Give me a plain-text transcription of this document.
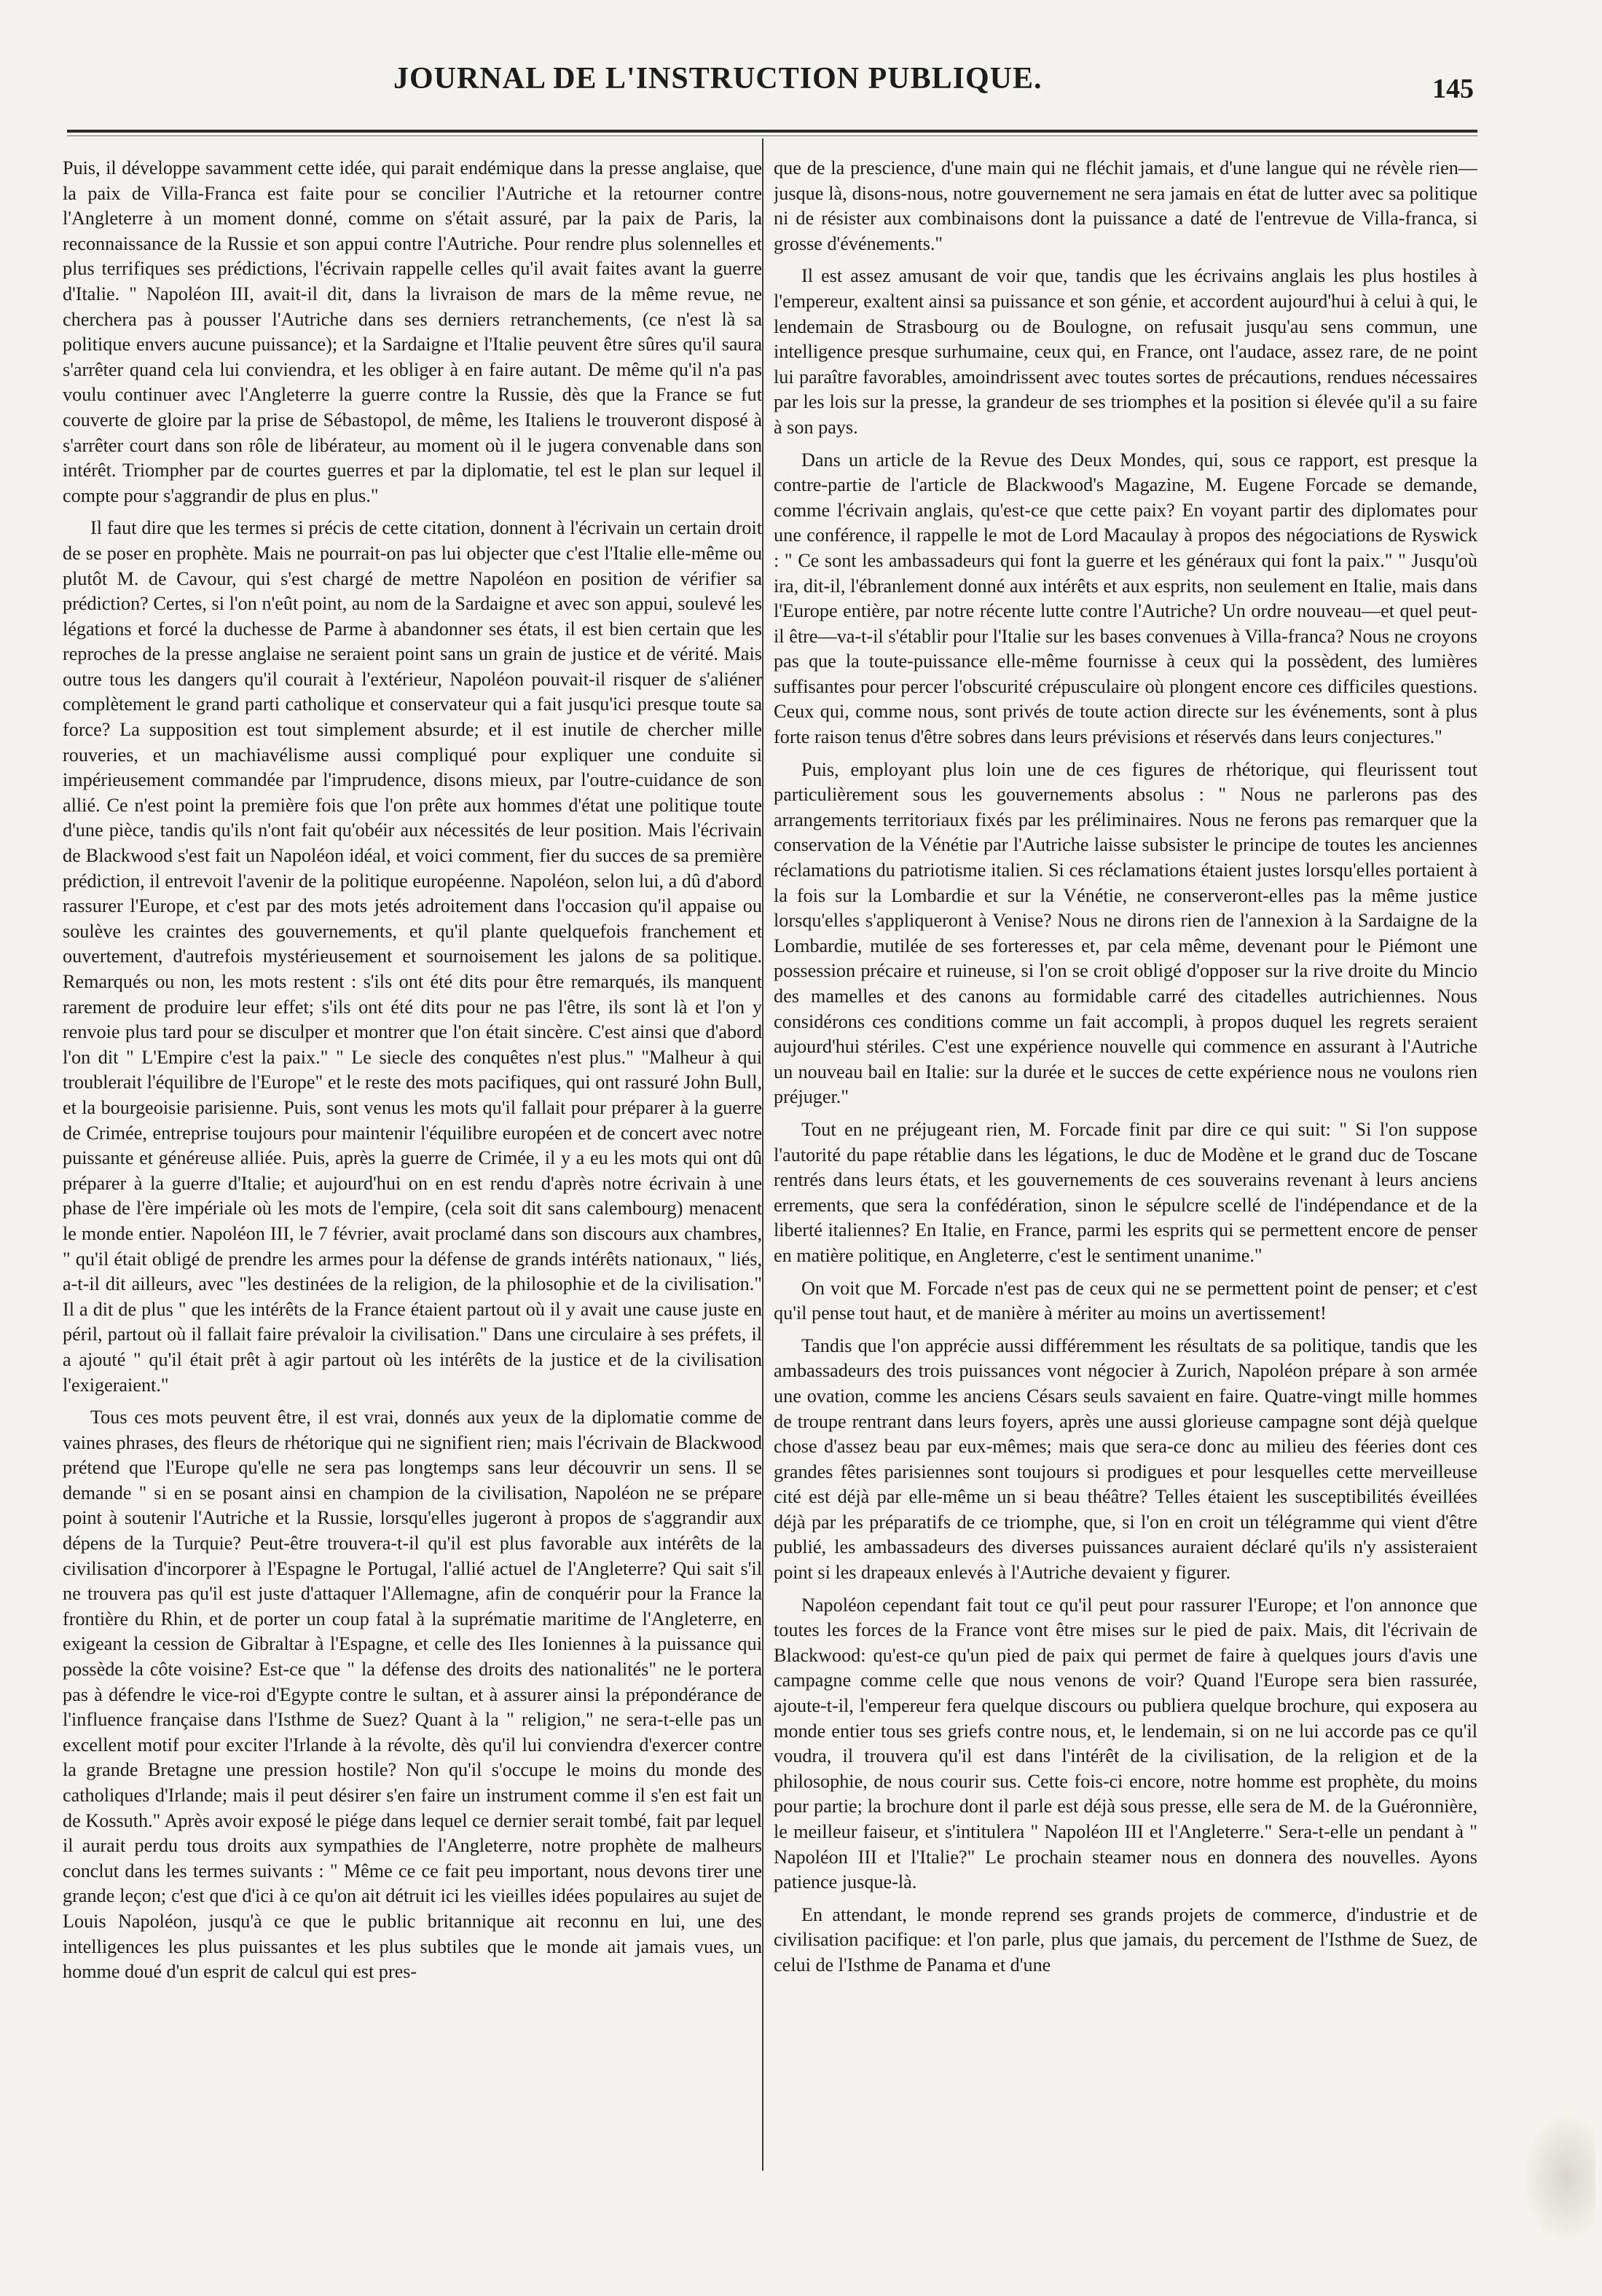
JOURNAL DE L'INSTRUCTION PUBLIQUE.	145

Puis, il développe savamment cette idée, qui parait endémique dans la presse anglaise, que la paix de Villa-Franca est faite pour se concilier l'Autriche et la retourner contre l'Angleterre à un moment donné, comme on s'était assuré, par la paix de Paris, la reconnaissance de la Russie et son appui contre l'Autriche. Pour rendre plus solennelles et plus terrifiques ses prédictions, l'écrivain rappelle celles qu'il avait faites avant la guerre d'Italie. " Napoléon III, avait-il dit, dans la livraison de mars de la même revue, ne cherchera pas à pousser l'Autriche dans ses derniers retranchements, (ce n'est là sa politique envers aucune puissance); et la Sardaigne et l'Italie peuvent être sûres qu'il saura s'arrêter quand cela lui conviendra, et les obliger à en faire autant. De même qu'il n'a pas voulu continuer avec l'Angleterre la guerre contre la Russie, dès que la France se fut couverte de gloire par la prise de Sébastopol, de même, les Italiens le trouveront disposé à s'arrêter court dans son rôle de libérateur, au moment où il le jugera convenable dans son intérêt. Triompher par de courtes guerres et par la diplomatie, tel est le plan sur lequel il compte pour s'aggrandir de plus en plus."

Il faut dire que les termes si précis de cette citation, donnent à l'écrivain un certain droit de se poser en prophète. Mais ne pourrait-on pas lui objecter que c'est l'Italie elle-même ou plutôt M. de Cavour, qui s'est chargé de mettre Napoléon en position de vérifier sa prédiction? Certes, si l'on n'eût point, au nom de la Sardaigne et avec son appui, soulevé les légations et forcé la duchesse de Parme à abandonner ses états, il est bien certain que les reproches de la presse anglaise ne seraient point sans un grain de justice et de vérité. Mais outre tous les dangers qu'il courait à l'extérieur, Napoléon pouvait-il risquer de s'aliéner complètement le grand parti catholique et conservateur qui a fait jusqu'ici presque toute sa force? La supposition est tout simplement absurde; et il est inutile de chercher mille rouveries, et un machiavélisme aussi compliqué pour expliquer une conduite si impérieusement commandée par l'imprudence, disons mieux, par l'outre-cuidance de son allié. Ce n'est point la première fois que l'on prête aux hommes d'état une politique toute d'une pièce, tandis qu'ils n'ont fait qu'obéir aux nécessités de leur position. Mais l'écrivain de Blackwood s'est fait un Napoléon idéal, et voici comment, fier du succes de sa première prédiction, il entrevoit l'avenir de la politique européenne. Napoléon, selon lui, a dû d'abord rassurer l'Europe, et c'est par des mots jetés adroitement dans l'occasion qu'il appaise ou soulève les craintes des gouvernements, et qu'il plante quelquefois franchement et ouvertement, d'autrefois mystérieusement et sournoisement les jalons de sa politique. Remarqués ou non, les mots restent : s'ils ont été dits pour être remarqués, ils manquent rarement de produire leur effet; s'ils ont été dits pour ne pas l'être, ils sont là et l'on y renvoie plus tard pour se disculper et montrer que l'on était sincère. C'est ainsi que d'abord l'on dit " L'Empire c'est la paix." " Le siecle des conquêtes n'est plus." "Malheur à qui troublerait l'équilibre de l'Europe" et le reste des mots pacifiques, qui ont rassuré John Bull, et la bourgeoisie parisienne. Puis, sont venus les mots qu'il fallait pour préparer à la guerre de Crimée, entreprise toujours pour maintenir l'équilibre européen et de concert avec notre puissante et généreuse alliée. Puis, après la guerre de Crimée, il y a eu les mots qui ont dû préparer à la guerre d'Italie; et aujourd'hui on en est rendu d'après notre écrivain à une phase de l'ère impériale où les mots de l'empire, (cela soit dit sans calembourg) menacent le monde entier. Napoléon III, le 7 février, avait proclamé dans son discours aux chambres, " qu'il était obligé de prendre les armes pour la défense de grands intérêts nationaux, " liés, a-t-il dit ailleurs, avec "les destinées de la religion, de la philosophie et de la civilisation." Il a dit de plus " que les intérêts de la France étaient partout où il y avait une cause juste en péril, partout où il fallait faire prévaloir la civilisation." Dans une circulaire à ses préfets, il a ajouté " qu'il était prêt à agir partout où les intérêts de la justice et de la civilisation l'exigeraient."

Tous ces mots peuvent être, il est vrai, donnés aux yeux de la diplomatie comme de vaines phrases, des fleurs de rhétorique qui ne signifient rien; mais l'écrivain de Blackwood prétend que l'Europe qu'elle ne sera pas longtemps sans leur découvrir un sens. Il se demande " si en se posant ainsi en champion de la civilisation, Napoléon ne se prépare point à soutenir l'Autriche et la Russie, lorsqu'elles jugeront à propos de s'aggrandir aux dépens de la Turquie? Peut-être trouvera-t-il qu'il est plus favorable aux intérêts de la civilisation d'incorporer à l'Espagne le Portugal, l'allié actuel de l'Angleterre? Qui sait s'il ne trouvera pas qu'il est juste d'attaquer l'Allemagne, afin de conquérir pour la France la frontière du Rhin, et de porter un coup fatal à la suprématie maritime de l'Angleterre, en exigeant la cession de Gibraltar à l'Espagne, et celle des Iles Ioniennes à la puissance qui possède la côte voisine? Est-ce que " la défense des droits des nationalités" ne le portera pas à défendre le vice-roi d'Egypte contre le sultan, et à assurer ainsi la prépondérance de l'influence française dans l'Isthme de Suez? Quant à la " religion," ne sera-t-elle pas un excellent motif pour exciter l'Irlande à la révolte, dès qu'il lui conviendra d'exercer contre la grande Bretagne une pression hostile? Non qu'il s'occupe le moins du monde des catholiques d'Irlande; mais il peut désirer s'en faire un instrument comme il s'en est fait un de Kossuth." Après avoir exposé le piége dans lequel ce dernier serait tombé, fait par lequel il aurait perdu tous droits aux sympathies de l'Angleterre, notre prophète de malheurs conclut dans les termes suivants : " Même ce ce fait peu important, nous devons tirer une grande leçon; c'est que d'ici à ce qu'on ait détruit ici les vieilles idées populaires au sujet de Louis Napoléon, jusqu'à ce que le public britannique ait reconnu en lui, une des intelligences les plus puissantes et les plus subtiles que le monde ait jamais vues, un homme doué d'un esprit de calcul qui est pres-

que de la prescience, d'une main qui ne fléchit jamais, et d'une langue qui ne révèle rien—jusque là, disons-nous, notre gouvernement ne sera jamais en état de lutter avec sa politique ni de résister aux combinaisons dont la puissance a daté de l'entrevue de Villa-franca, si grosse d'événements."

Il est assez amusant de voir que, tandis que les écrivains anglais les plus hostiles à l'empereur, exaltent ainsi sa puissance et son génie, et accordent aujourd'hui à celui à qui, le lendemain de Strasbourg ou de Boulogne, on refusait jusqu'au sens commun, une intelligence presque surhumaine, ceux qui, en France, ont l'audace, assez rare, de ne point lui paraître favorables, amoindrissent avec toutes sortes de précautions, rendues nécessaires par les lois sur la presse, la grandeur de ses triomphes et la position si élevée qu'il a su faire à son pays.

Dans un article de la Revue des Deux Mondes, qui, sous ce rapport, est presque la contre-partie de l'article de Blackwood's Magazine, M. Eugene Forcade se demande, comme l'écrivain anglais, qu'est-ce que cette paix? En voyant partir des diplomates pour une conférence, il rappelle le mot de Lord Macaulay à propos des négociations de Ryswick : " Ce sont les ambassadeurs qui font la guerre et les généraux qui font la paix." " Jusqu'où ira, dit-il, l'ébranlement donné aux intérêts et aux esprits, non seulement en Italie, mais dans l'Europe entière, par notre récente lutte contre l'Autriche? Un ordre nouveau—et quel peut-il être—va-t-il s'établir pour l'Italie sur les bases convenues à Villa-franca? Nous ne croyons pas que la toute-puissance elle-même fournisse à ceux qui la possèdent, des lumières suffisantes pour percer l'obscurité crépusculaire où plongent encore ces difficiles questions. Ceux qui, comme nous, sont privés de toute action directe sur les événements, sont à plus forte raison tenus d'être sobres dans leurs prévisions et réservés dans leurs conjectures."

Puis, employant plus loin une de ces figures de rhétorique, qui fleurissent tout particulièrement sous les gouvernements absolus : " Nous ne parlerons pas des arrangements territoriaux fixés par les préliminaires. Nous ne ferons pas remarquer que la conservation de la Vénétie par l'Autriche laisse subsister le principe de toutes les anciennes réclamations du patriotisme italien. Si ces réclamations étaient justes lorsqu'elles portaient à la fois sur la Lombardie et sur la Vénétie, ne conserveront-elles pas la même justice lorsqu'elles s'appliqueront à Venise? Nous ne dirons rien de l'annexion à la Sardaigne de la Lombardie, mutilée de ses forteresses et, par cela même, devenant pour le Piémont une possession précaire et ruineuse, si l'on se croit obligé d'opposer sur la rive droite du Mincio des mamelles et des canons au formidable carré des citadelles autrichiennes. Nous considérons ces conditions comme un fait accompli, à propos duquel les regrets seraient aujourd'hui stériles. C'est une expérience nouvelle qui commence en assurant à l'Autriche un nouveau bail en Italie: sur la durée et le succes de cette expérience nous ne voulons rien préjuger."

Tout en ne préjugeant rien, M. Forcade finit par dire ce qui suit: " Si l'on suppose l'autorité du pape rétablie dans les légations, le duc de Modène et le grand duc de Toscane rentrés dans leurs états, et les gouvernements de ces souverains revenant à leurs anciens errements, que sera la confédération, sinon le sépulcre scellé de l'indépendance et de la liberté italiennes? En Italie, en France, parmi les esprits qui se permettent encore de penser en matière politique, en Angleterre, c'est le sentiment unanime."

On voit que M. Forcade n'est pas de ceux qui ne se permettent point de penser; et c'est qu'il pense tout haut, et de manière à mériter au moins un avertissement!

Tandis que l'on apprécie aussi différemment les résultats de sa politique, tandis que les ambassadeurs des trois puissances vont négocier à Zurich, Napoléon prépare à son armée une ovation, comme les anciens Césars seuls savaient en faire. Quatre-vingt mille hommes de troupe rentrant dans leurs foyers, après une aussi glorieuse campagne sont déjà quelque chose d'assez beau par eux-mêmes; mais que sera-ce donc au milieu des féeries dont ces grandes fêtes parisiennes sont toujours si prodigues et pour lesquelles cette merveilleuse cité est déjà par elle-même un si beau théâtre? Telles étaient les susceptibilités éveillées déjà par les préparatifs de ce triomphe, que, si l'on en croit un télégramme qui vient d'être publié, les ambassadeurs des diverses puissances auraient déclaré qu'ils n'y assisteraient point si les drapeaux enlevés à l'Autriche devaient y figurer.

Napoléon cependant fait tout ce qu'il peut pour rassurer l'Europe; et l'on annonce que toutes les forces de la France vont être mises sur le pied de paix. Mais, dit l'écrivain de Blackwood: qu'est-ce qu'un pied de paix qui permet de faire à quelques jours d'avis une campagne comme celle que nous venons de voir? Quand l'Europe sera bien rassurée, ajoute-t-il, l'empereur fera quelque discours ou publiera quelque brochure, qui exposera au monde entier tous ses griefs contre nous, et, le lendemain, si on ne lui accorde pas ce qu'il voudra, il trouvera qu'il est dans l'intérêt de la civilisation, de la religion et de la philosophie, de nous courir sus. Cette fois-ci encore, notre homme est prophète, du moins pour partie; la brochure dont il parle est déjà sous presse, elle sera de M. de la Guéronnière, le meilleur faiseur, et s'intitulera " Napoléon III et l'Angleterre." Sera-t-elle un pendant à " Napoléon III et l'Italie?" Le prochain steamer nous en donnera des nouvelles. Ayons patience jusque-là.

En attendant, le monde reprend ses grands projets de commerce, d'industrie et de civilisation pacifique: et l'on parle, plus que jamais, du percement de l'Isthme de Suez, de celui de l'Isthme de Panama et d'une
